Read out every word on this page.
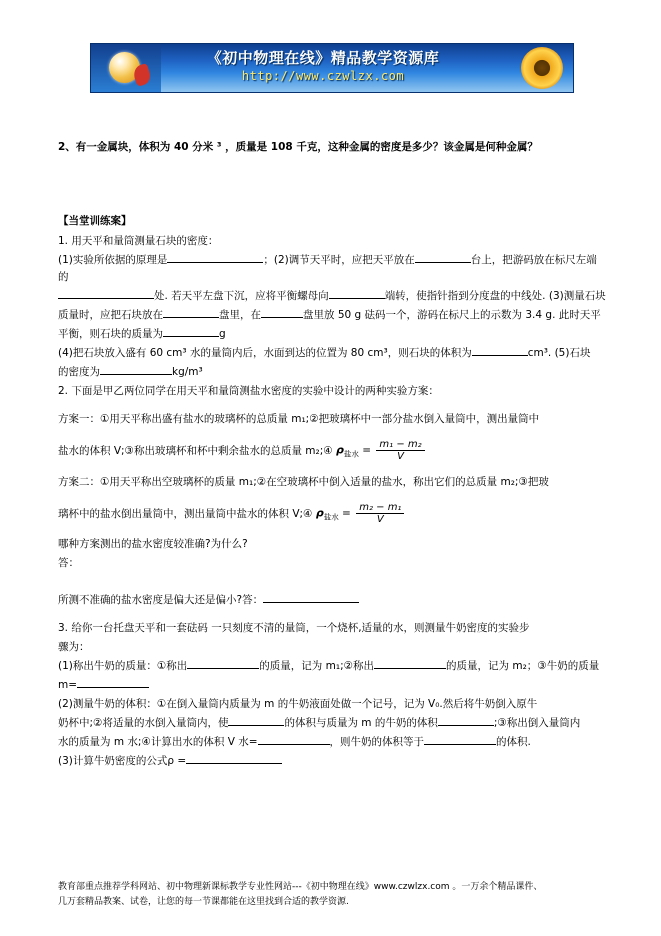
《初中物理在线》精品教学资源库
http://www.czwlzx.com

2、有一金属块，体积为 40 分米 ³ ，质量是 108 千克，这种金属的密度是多少？该金属是何种金属？

【当堂训练案】

1. 用天平和量筒测量石块的密度：

(1)实验所依据的原理是	；(2)调节天平时，应把天平放在	台上，把游码放在标尺左端的

处. 若天平左盘下沉，应将平衡螺母向	端转，使指针指到分度盘的中线处. (3)测量石块

质量时，应把石块放在	盘里，在	盘里放 50 g 砝码一个，游码在标尺上的示数为 3.4 g. 此时天平

平衡，则石块的质量为	g

(4)把石块放入盛有 60 cm³ 水的量筒内后，水面到达的位置为 80 cm³，则石块的体积为	cm³. (5)石块

的密度为	kg/m³

2. 下面是甲乙两位同学在用天平和量筒测盐水密度的实验中设计的两种实验方案：

方案一：①用天平称出盛有盐水的玻璃杯的总质量 m₁;②把玻璃杯中一部分盐水倒入量筒中，测出量筒中

盐水的体积 V;③称出玻璃杯和杯中剩余盐水的总质量 m₂;④ $\rho_{盐水} = \frac{\text{m₁ − m₂}}{V}$

方案二：①用天平称出空玻璃杯的质量 m₁;②在空玻璃杯中倒入适量的盐水，称出它们的总质量 m₂;③把玻

璃杯中的盐水倒出量筒中，测出量筒中盐水的体积 V;④ $\rho_{盐水} = \frac{\text{m₂ − m₁}}{V}$

哪种方案测出的盐水密度较准确?为什么?

答：

所测不准确的盐水密度是偏大还是偏小?答：

3. 给你一台托盘天平和一套砝码 一只刻度不清的量筒，一个烧杯,适量的水，则测量牛奶密度的实验步

骤为：

(1)称出牛奶的质量：①称出	的质量，记为 m₁;②称出	的质量，记为 m₂；③牛奶的质量

m=

(2)测量牛奶的体积：①在倒入量筒内质量为 m 的牛奶液面处做一个记号，记为 V₀.然后将牛奶倒入原牛

奶杯中;②将适量的水倒入量筒内，使	的体积与质量为 m 的牛奶的体积	;③称出倒入量筒内

水的质量为 m 水;④计算出水的体积 V 水=	，则牛奶的体积等于	的体积.

(3)计算牛奶密度的公式ρ =

教育部重点推荐学科网站、初中物理新课标教学专业性网站---《初中物理在线》www.czwlzx.com 。一万余个精品课件、

几万套精品教案、试卷，让您的每一节课都能在这里找到合适的教学资源.
